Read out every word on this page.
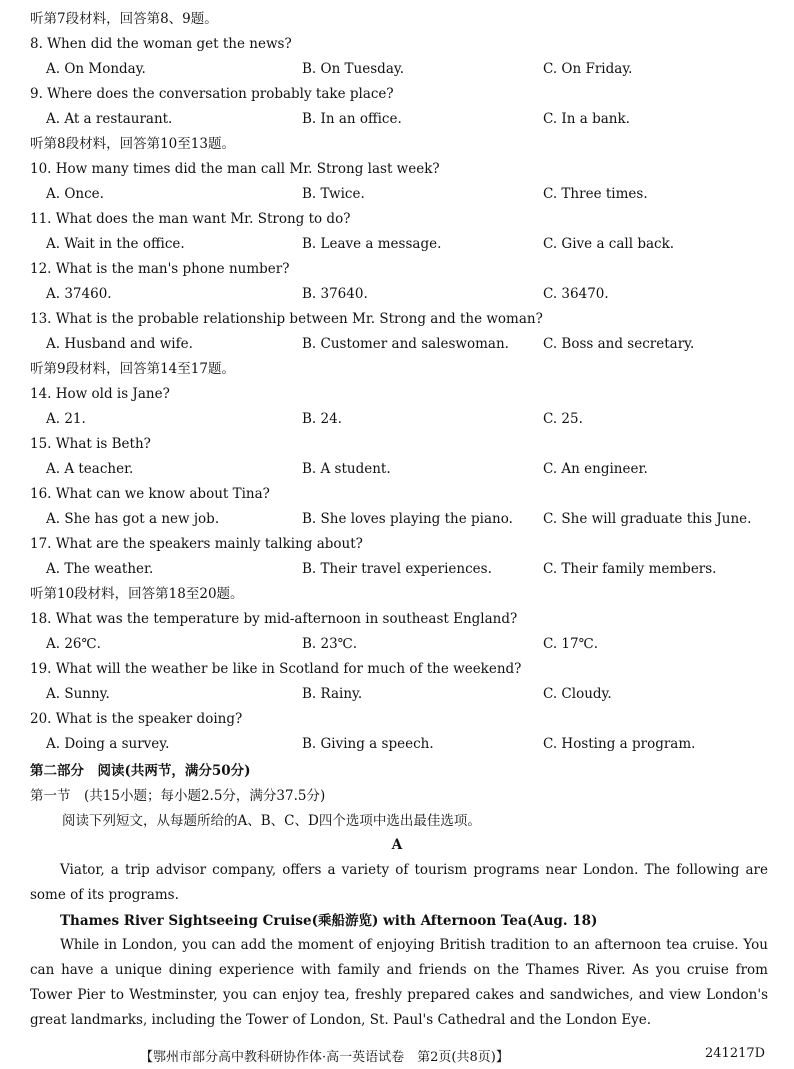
听第7段材料，回答第8、9题。
8. When did the woman get the news?
A. On Monday.	B. On Tuesday.	C. On Friday.
9. Where does the conversation probably take place?
A. At a restaurant.	B. In an office.	C. In a bank.
听第8段材料，回答第10至13题。
10. How many times did the man call Mr. Strong last week?
A. Once.	B. Twice.	C. Three times.
11. What does the man want Mr. Strong to do?
A. Wait in the office.	B. Leave a message.	C. Give a call back.
12. What is the man's phone number?
A. 37460.	B. 37640.	C. 36470.
13. What is the probable relationship between Mr. Strong and the woman?
A. Husband and wife.	B. Customer and saleswoman.	C. Boss and secretary.
听第9段材料，回答第14至17题。
14. How old is Jane?
A. 21.	B. 24.	C. 25.
15. What is Beth?
A. A teacher.	B. A student.	C. An engineer.
16. What can we know about Tina?
A. She has got a new job.	B. She loves playing the piano. C. She will graduate this June.
17. What are the speakers mainly talking about?
A. The weather.	B. Their travel experiences.	C. Their family members.
听第10段材料，回答第18至20题。
18. What was the temperature by mid-afternoon in southeast England?
A. 26℃.	B. 23℃.	C. 17℃.
19. What will the weather be like in Scotland for much of the weekend?
A. Sunny.	B. Rainy.	C. Cloudy.
20. What is the speaker doing?
A. Doing a survey.	B. Giving a speech.	C. Hosting a program.
第二部分　阅读(共两节，满分50分)
第一节　(共15小题；每小题2.5分，满分37.5分)
阅读下列短文，从每题所给的A、B、C、D四个选项中选出最佳选项。
A
Viator, a trip advisor company, offers a variety of tourism programs near London. The following are some of its programs.
Thames River Sightseeing Cruise(乘船游览) with Afternoon Tea(Aug. 18)
While in London, you can add the moment of enjoying British tradition to an afternoon tea cruise. You can have a unique dining experience with family and friends on the Thames River. As you cruise from Tower Pier to Westminster, you can enjoy tea, freshly prepared cakes and sandwiches, and view London's great landmarks, including the Tower of London, St. Paul's Cathedral and the London Eye.
【鄂州市部分高中教科研协作体·高一英语试卷　第2页(共8页)】	241217D
